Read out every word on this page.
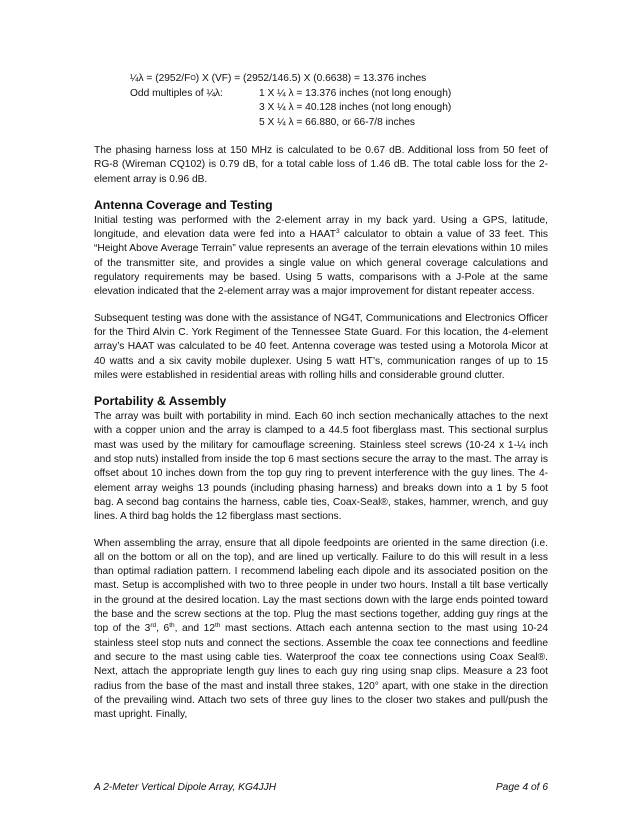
¼λ = (2952/F O ) X (VF) = (2952/146.5) X (0.6638) = 13.376 inches
Odd multiples of ¼λ:	1 X ¼ λ = 13.376 inches (not long enough)
3 X ¼ λ = 40.128 inches (not long enough)
5 X ¼ λ = 66.880, or 66-7/8 inches

The phasing harness loss at 150 MHz is calculated to be 0.67 dB. Additional loss from 50 feet of RG-8 (Wireman CQ102) is 0.79 dB, for a total cable loss of 1.46 dB. The total cable loss for the 2-element array is 0.96 dB.

Antenna Coverage and Testing

Initial testing was performed with the 2-element array in my back yard. Using a GPS, latitude, longitude, and elevation data were fed into a HAAT$^3$ calculator to obtain a value of 33 feet. This “Height Above Average Terrain” value represents an average of the terrain elevations within 10 miles of the transmitter site, and provides a single value on which general coverage calculations and regulatory requirements may be based. Using 5 watts, comparisons with a J-Pole at the same elevation indicated that the 2-element array was a major improvement for distant repeater access.

Subsequent testing was done with the assistance of NG4T, Communications and Electronics Officer for the Third Alvin C. York Regiment of the Tennessee State Guard. For this location, the 4-element array’s HAAT was calculated to be 40 feet. Antenna coverage was tested using a Motorola Micor at 40 watts and a six cavity mobile duplexer. Using 5 watt HT’s, communication ranges of up to 15 miles were established in residential areas with rolling hills and considerable ground clutter.

Portability & Assembly

The array was built with portability in mind. Each 60 inch section mechanically attaches to the next with a copper union and the array is clamped to a 44.5 foot fiberglass mast. This sectional surplus mast was used by the military for camouflage screening. Stainless steel screws (10-24 x 1-¼ inch and stop nuts) installed from inside the top 6 mast sections secure the array to the mast. The array is offset about 10 inches down from the top guy ring to prevent interference with the guy lines. The 4-element array weighs 13 pounds (including phasing harness) and breaks down into a 1 by 5 foot bag. A second bag contains the harness, cable ties, Coax-Seal®, stakes, hammer, wrench, and guy lines. A third bag holds the 12 fiberglass mast sections.

When assembling the array, ensure that all dipole feedpoints are oriented in the same direction (i.e. all on the bottom or all on the top), and are lined up vertically. Failure to do this will result in a less than optimal radiation pattern. I recommend labeling each dipole and its associated position on the mast. Setup is accomplished with two to three people in under two hours. Install a tilt base vertically in the ground at the desired location. Lay the mast sections down with the large ends pointed toward the base and the screw sections at the top. Plug the mast sections together, adding guy rings at the top of the 3rd, 6th, and 12th mast sections. Attach each antenna section to the mast using 10-24 stainless steel stop nuts and connect the sections. Assemble the coax tee connections and feedline and secure to the mast using cable ties. Waterproof the coax tee connections using Coax Seal®. Next, attach the appropriate length guy lines to each guy ring using snap clips. Measure a 23 foot radius from the base of the mast and install three stakes, 120° apart, with one stake in the direction of the prevailing wind. Attach two sets of three guy lines to the closer two stakes and pull/push the mast upright. Finally,

A 2-Meter Vertical Dipole Array, KG4JJH	Page 4 of 6
